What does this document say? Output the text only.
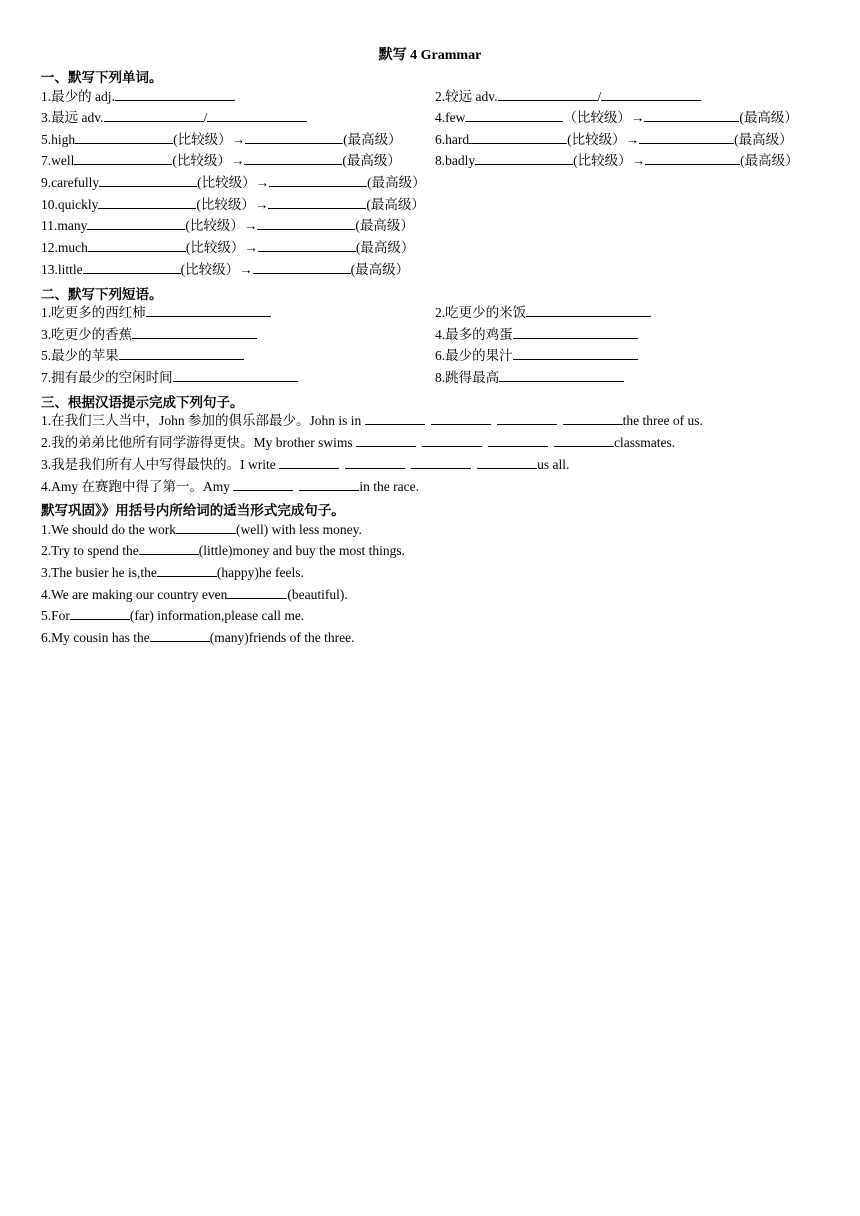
默写 4 Grammar
一、默写下列单词。
1.最少的 adj.	2.较远 adv.	/
3.最远 adv.	/	4.few	（比较级）→	(最高级）
5.high	(比较级）→	(最高级） 6.hard	(比较级）→	(最高级）
7.well	(比较级）→	(最高级）	8.badly	(比较级）→	(最高级）
9.carefully	(比较级）→	(最高级）
10.quickly	(比较级）→	(最高级）
11.many	(比较级）→	(最高级）
12.much	(比较级）→	(最高级）
13.little	(比较级）→	(最高级）
二、默写下列短语。
1.吃更多的西红柿	2.吃更少的米饭
3.吃更少的香蕉	4.最多的鸡蛋
5.最少的苹果	6.最少的果汁
7.拥有最少的空闲时间	8.跳得最高
三、根据汉语提示完成下列句子。
1.在我们三人当中，John 参加的俱乐部最少。John is in	the three of us.
2.我的弟弟比他所有同学游得更快。My brother swims	classmates.
3.我是我们所有人中写得最快的。I write	us all.
4.Amy 在赛跑中得了第一。Amy	in the race.
默写巩固》》用括号内所给词的适当形式完成句子。
1.We should do the work	(well) with less money.
2.Try to spend the	(little)money and buy the most things.
3.The busier he is,the	(happy)he feels.
4.We are making our country even	(beautiful).
5.For	(far) information,please call me.
6.My cousin has the	(many)friends of the three.
